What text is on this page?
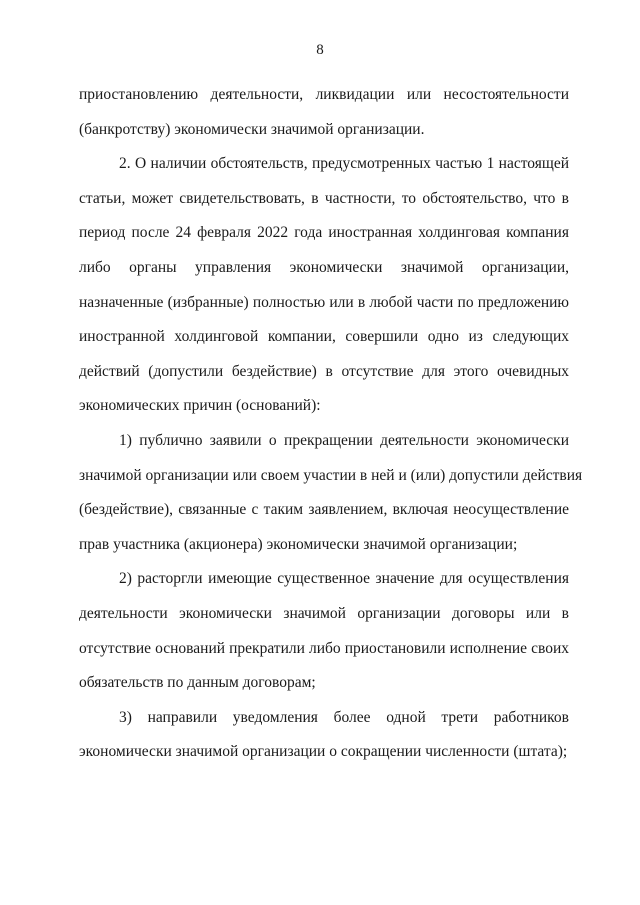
8
приостановлению деятельности, ликвидации или несостоятельности
(банкротству) экономически значимой организации.
2. О наличии обстоятельств, предусмотренных частью 1 настоящей
статьи, может свидетельствовать, в частности, то обстоятельство, что в
период после 24 февраля 2022 года иностранная холдинговая компания
либо органы управления экономически значимой организации,
назначенные (избранные) полностью или в любой части по предложению
иностранной холдинговой компании, совершили одно из следующих
действий (допустили бездействие) в отсутствие для этого очевидных
экономических причин (оснований):
1) публично заявили о прекращении деятельности экономически
значимой организации или своем участии в ней и (или) допустили действия
(бездействие), связанные с таким заявлением, включая неосуществление
прав участника (акционера) экономически значимой организации;
2) расторгли имеющие существенное значение для осуществления
деятельности экономически значимой организации договоры или в
отсутствие оснований прекратили либо приостановили исполнение своих
обязательств по данным договорам;
3) направили уведомления более одной трети работников
экономически значимой организации о сокращении численности (штата);
